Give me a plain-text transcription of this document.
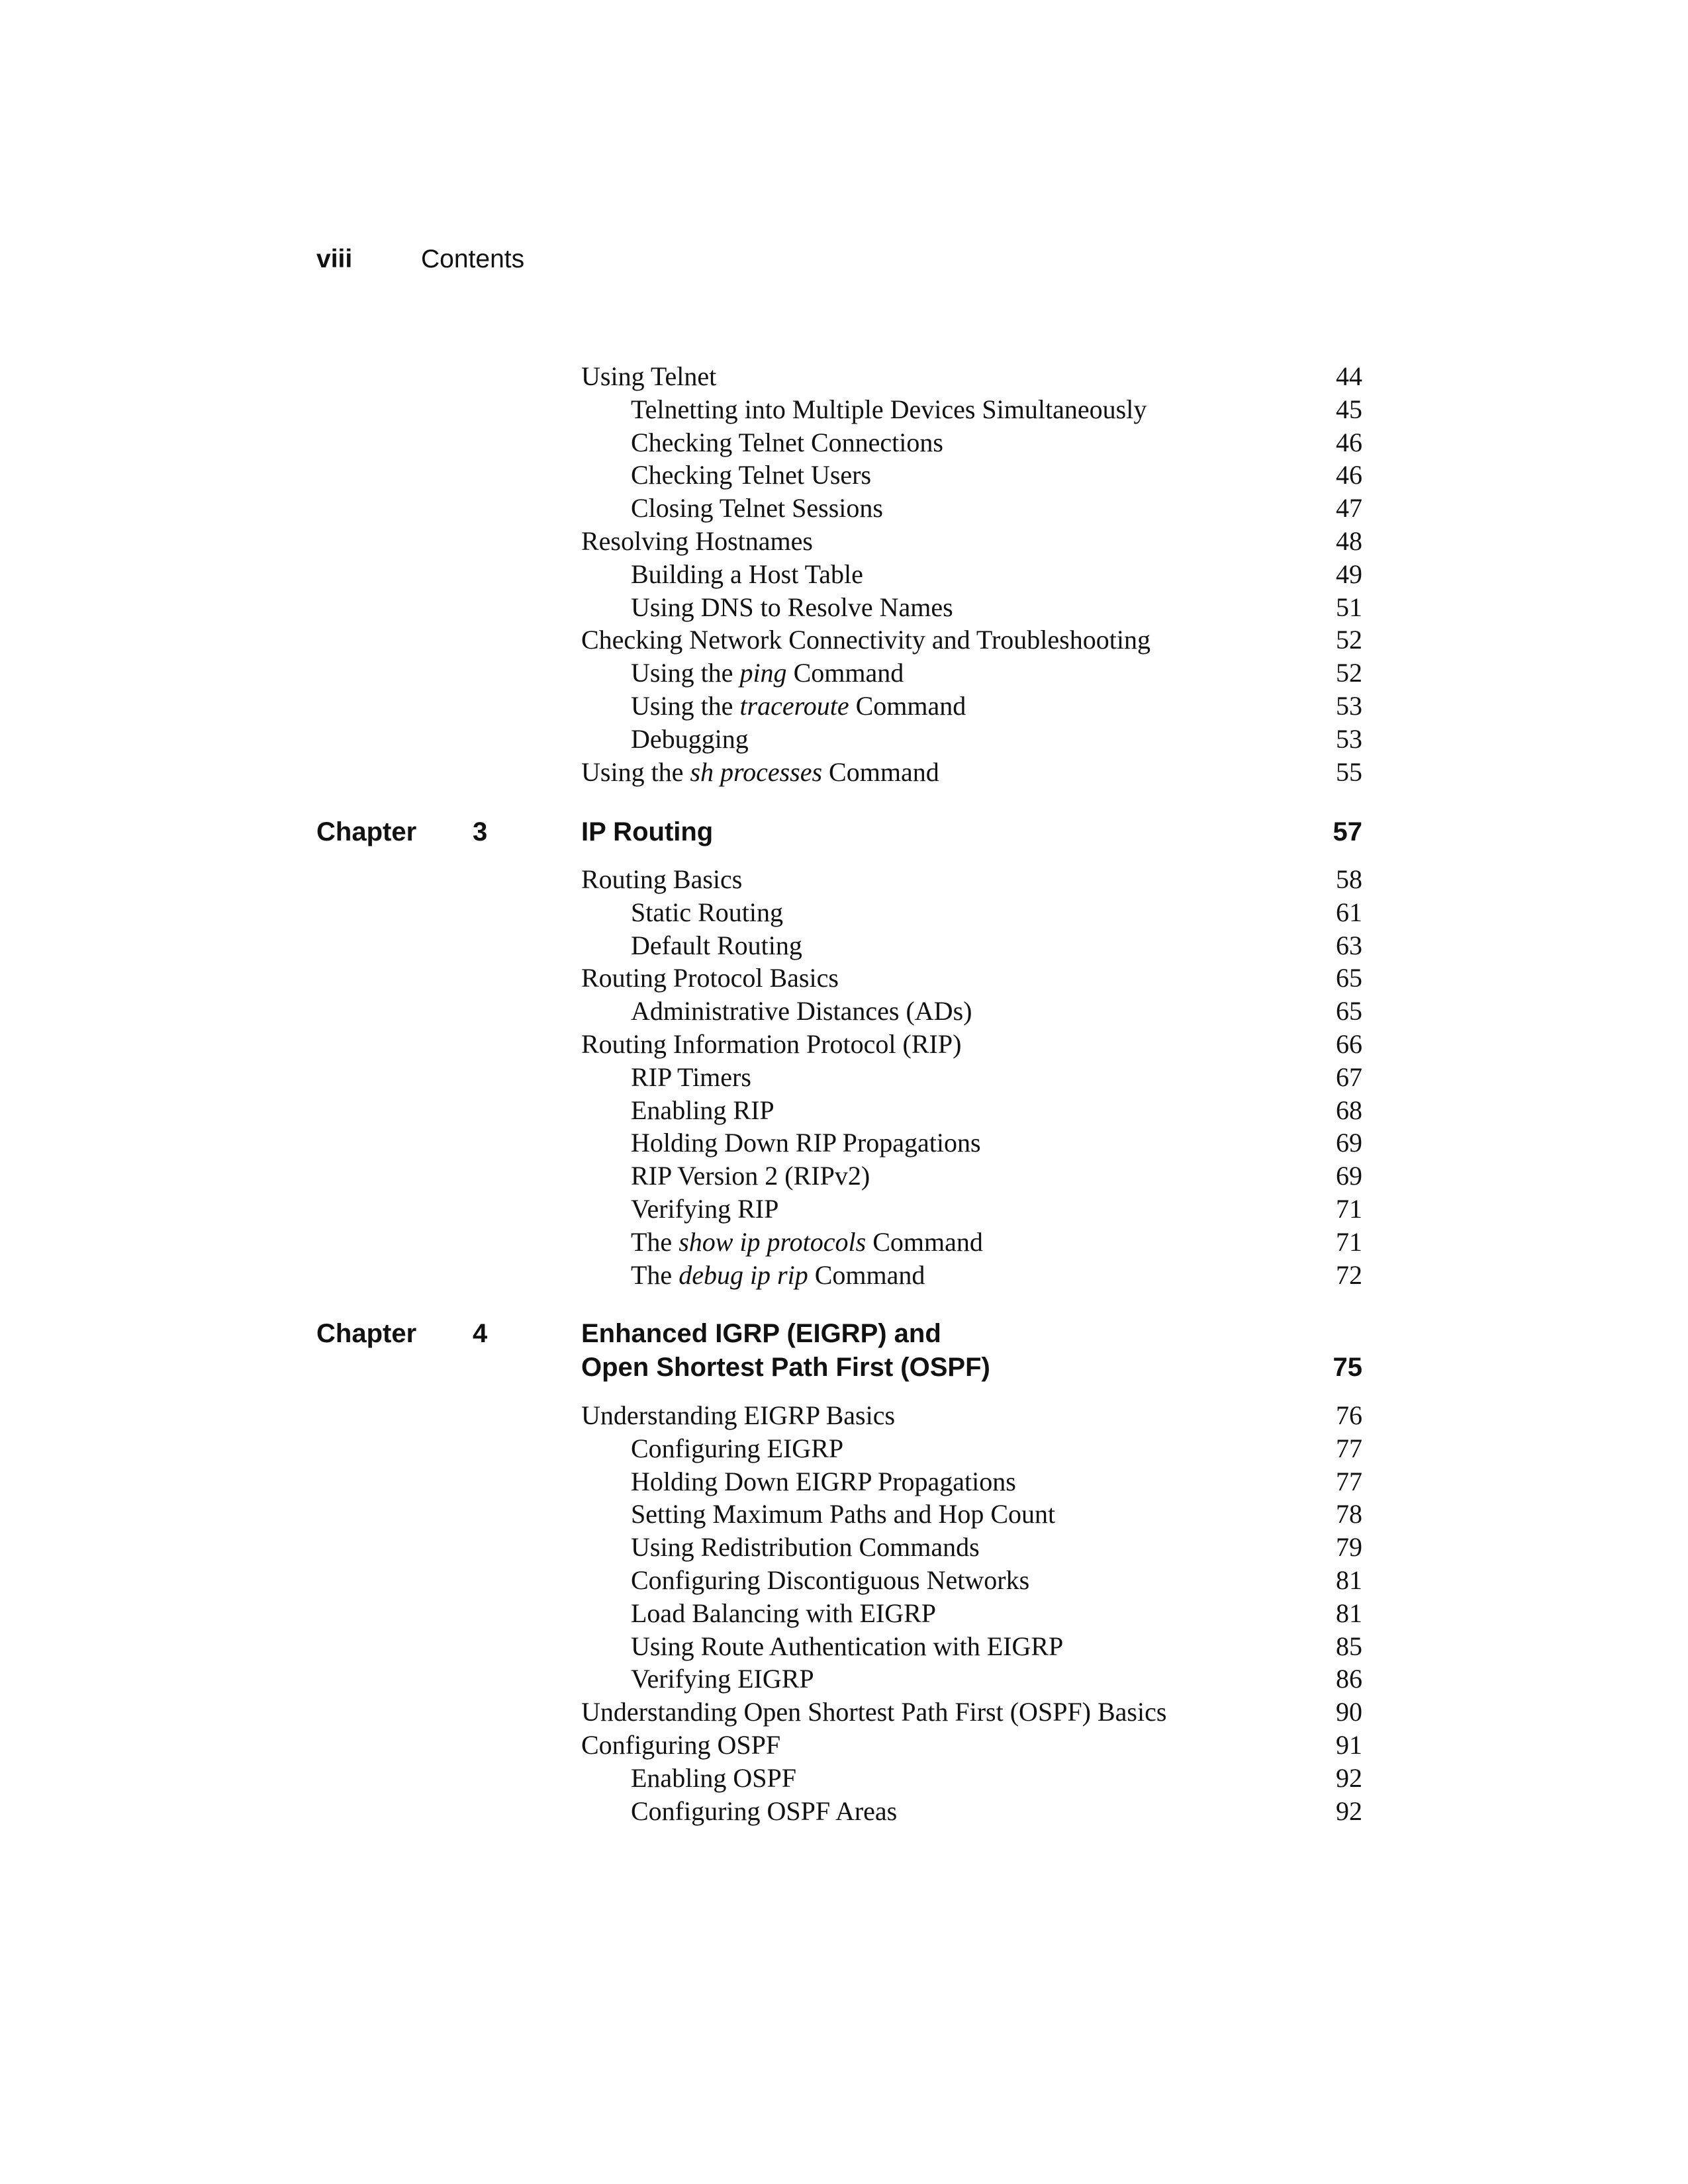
viii	Contents
Using Telnet	44
Telnetting into Multiple Devices Simultaneously	45
Checking Telnet Connections	46
Checking Telnet Users	46
Closing Telnet Sessions	47
Resolving Hostnames	48
Building a Host Table	49
Using DNS to Resolve Names	51
Checking Network Connectivity and Troubleshooting	52
Using the ping Command	52
Using the traceroute Command	53
Debugging	53
Using the sh processes Command	55
Chapter 3	IP Routing	57
Routing Basics	58
Static Routing	61
Default Routing	63
Routing Protocol Basics	65
Administrative Distances (ADs)	65
Routing Information Protocol (RIP)	66
RIP Timers	67
Enabling RIP	68
Holding Down RIP Propagations	69
RIP Version 2 (RIPv2)	69
Verifying RIP	71
The show ip protocols Command	71
The debug ip rip Command	72
Chapter 4	Enhanced IGRP (EIGRP) and
Open Shortest Path First (OSPF)	75
Understanding EIGRP Basics	76
Configuring EIGRP	77
Holding Down EIGRP Propagations	77
Setting Maximum Paths and Hop Count	78
Using Redistribution Commands	79
Configuring Discontiguous Networks	81
Load Balancing with EIGRP	81
Using Route Authentication with EIGRP	85
Verifying EIGRP	86
Understanding Open Shortest Path First (OSPF) Basics	90
Configuring OSPF	91
Enabling OSPF	92
Configuring OSPF Areas	92
